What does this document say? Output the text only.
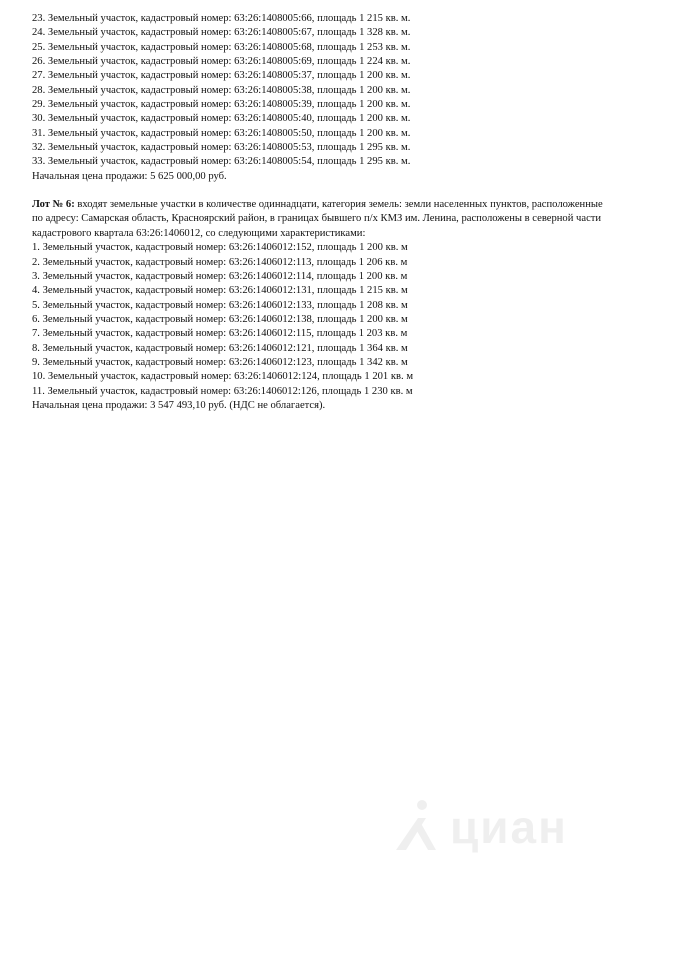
23. Земельный участок, кадастровый номер: 63:26:1408005:66, площадь 1 215 кв. м.
24. Земельный участок, кадастровый номер: 63:26:1408005:67, площадь 1 328 кв. м.
25. Земельный участок, кадастровый номер: 63:26:1408005:68, площадь 1 253 кв. м.
26. Земельный участок, кадастровый номер: 63:26:1408005:69, площадь 1 224 кв. м.
27. Земельный участок, кадастровый номер: 63:26:1408005:37, площадь 1 200 кв. м.
28. Земельный участок, кадастровый номер: 63:26:1408005:38, площадь 1 200 кв. м.
29. Земельный участок, кадастровый номер: 63:26:1408005:39, площадь 1 200 кв. м.
30. Земельный участок, кадастровый номер: 63:26:1408005:40, площадь 1 200 кв. м.
31. Земельный участок, кадастровый номер: 63:26:1408005:50, площадь 1 200 кв. м.
32. Земельный участок, кадастровый номер: 63:26:1408005:53, площадь 1 295 кв. м.
33. Земельный участок, кадастровый номер: 63:26:1408005:54, площадь 1 295 кв. м.
Начальная цена продажи: 5 625 000,00 руб.
Лот № 6: входят земельные участки в количестве одиннадцати, категория земель: земли населенных пунктов, расположенные
по адресу: Самарская область, Красноярский район, в границах бывшего п/х КМЗ им. Ленина, расположены в северной части
кадастрового квартала 63:26:1406012, со следующими характеристиками:
1. Земельный участок, кадастровый номер: 63:26:1406012:152, площадь 1 200 кв. м
2. Земельный участок, кадастровый номер: 63:26:1406012:113, площадь 1 206 кв. м
3. Земельный участок, кадастровый номер: 63:26:1406012:114, площадь 1 200 кв. м
4. Земельный участок, кадастровый номер: 63:26:1406012:131, площадь 1 215 кв. м
5. Земельный участок, кадастровый номер: 63:26:1406012:133, площадь 1 208 кв. м
6. Земельный участок, кадастровый номер: 63:26:1406012:138, площадь 1 200 кв. м
7. Земельный участок, кадастровый номер: 63:26:1406012:115, площадь 1 203 кв. м
8. Земельный участок, кадастровый номер: 63:26:1406012:121, площадь 1 364 кв. м
9. Земельный участок, кадастровый номер: 63:26:1406012:123, площадь 1 342 кв. м
10. Земельный участок, кадастровый номер: 63:26:1406012:124, площадь 1 201 кв. м
11. Земельный участок, кадастровый номер: 63:26:1406012:126, площадь 1 230 кв. м
Начальная цена продажи: 3 547 493,10 руб. (НДС не облагается).
циан
